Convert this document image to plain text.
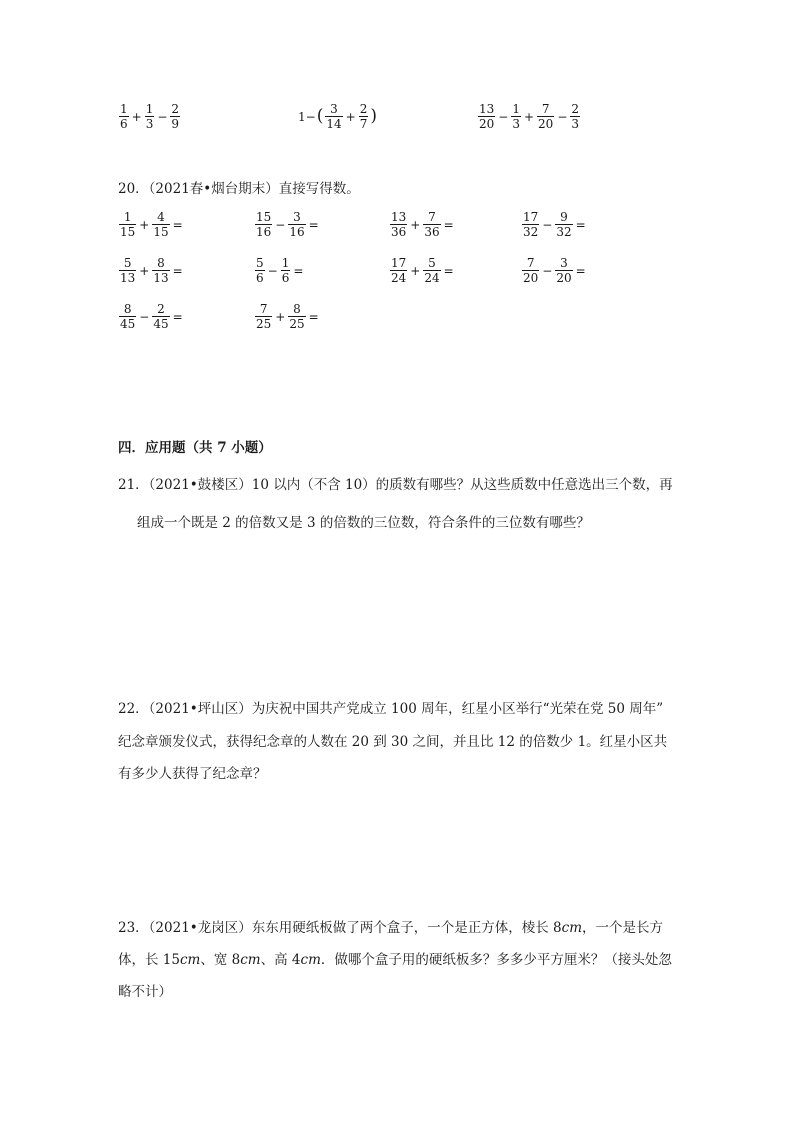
$\frac{1}{6} + \frac{1}{3} - \frac{2}{9}$	1− ( $\frac{3}{14} + \frac{2}{7}$ )	$\frac{13}{20} - \frac{1}{3} + \frac{7}{20} - \frac{2}{3}$
20．（2021春•烟台期末）直接写得数。
$\frac{1}{15} + \frac{4}{15}$ =	$\frac{15}{16} - \frac{3}{16}$ =	$\frac{13}{36} + \frac{7}{36}$ =	$\frac{17}{32} - \frac{9}{32}$ =
$\frac{5}{13} + \frac{8}{13}$ =	$\frac{5}{6} - \frac{1}{6}$ =	$\frac{17}{24} + \frac{5}{24}$ =	$\frac{7}{20} - \frac{3}{20}$ =
$\frac{8}{45} - \frac{2}{45}$ =	$\frac{7}{25} + \frac{8}{25}$ =
四．应用题（共 7 小题）
21．（2021•鼓楼区）10 以内（不含 10）的质数有哪些？从这些质数中任意选出三个数，再
组成一个既是 2 的倍数又是 3 的倍数的三位数，符合条件的三位数有哪些？
22．（2021•坪山区）为庆祝中国共产党成立 100 周年，红星小区举行“光荣在党 50 周年”
纪念章颁发仪式，获得纪念章的人数在 20 到 30 之间，并且比 12 的倍数少 1。红星小区共
有多少人获得了纪念章？
23．（2021•龙岗区）东东用硬纸板做了两个盒子，一个是正方体，棱长 8cm，一个是长方
体，长 15cm、宽 8cm、高 4cm．做哪个盒子用的硬纸板多？多多少平方厘米？（接头处忽
略不计）
